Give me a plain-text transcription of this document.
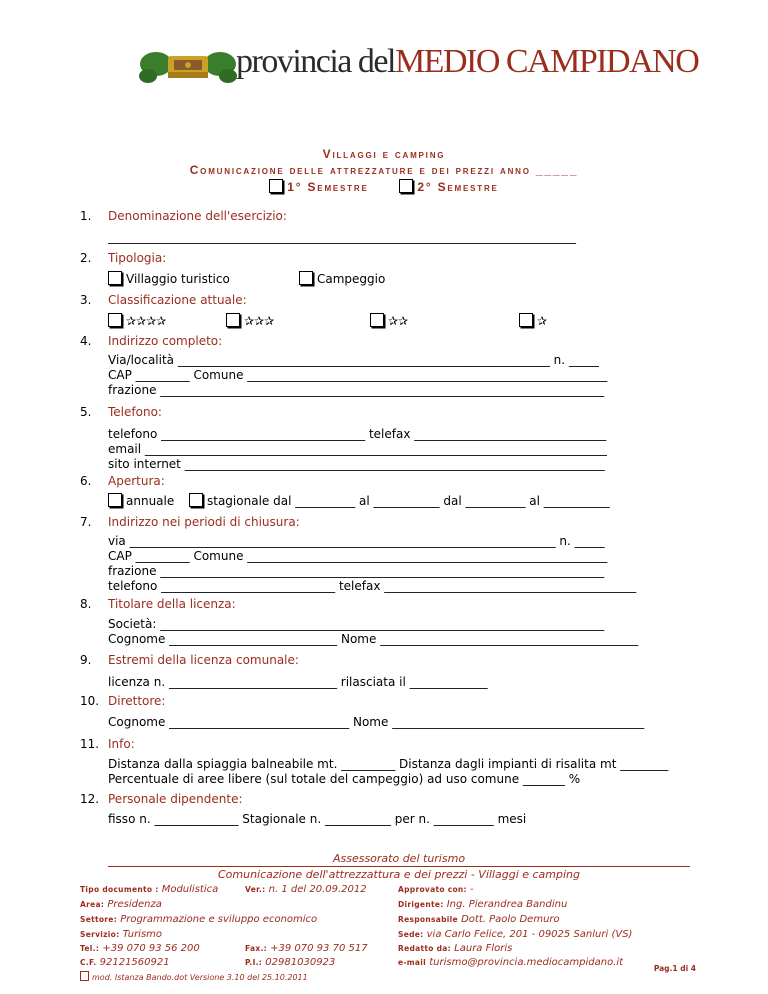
provincia delMEDIO CAMPIDANO
Villaggi e camping
Comunicazione delle attrezzature e dei prezzi anno _____
1° Semestre	2° Semestre
1. Denominazione dell'esercizio:
______________________________________________________________________________
2. Tipologia:
Villaggio turistico	Campeggio
3. Classificazione attuale:
✰✰✰✰	✰✰✰	✰✰	✰
4. Indirizzo completo:
Via/località ______________________________________________________________ n. _____
CAP _________ Comune ____________________________________________________________
frazione __________________________________________________________________________
5. Telefono:
telefono __________________________________ telefax ________________________________
email _____________________________________________________________________________
sito internet ______________________________________________________________________
6. Apertura:
annuale	stagionale dal __________ al ___________ dal __________ al ___________
7. Indirizzo nei periodi di chiusura:
via _______________________________________________________________________ n. _____
CAP _________ Comune ____________________________________________________________
frazione __________________________________________________________________________
telefono _____________________________ telefax __________________________________________
8. Titolare della licenza:
Società: __________________________________________________________________________
Cognome ____________________________ Nome ___________________________________________
9. Estremi della licenza comunale:
licenza n. ____________________________ rilasciata il _____________
10. Direttore:
Cognome ______________________________ Nome __________________________________________
11. Info:
Distanza dalla spiaggia balneabile mt. _________ Distanza dagli impianti di risalita mt ________
Percentuale di aree libere (sul totale del campeggio) ad uso comune _______ %
12. Personale dipendente:
fisso n. ______________ Stagionale n. ___________ per n. __________ mesi
Assessorato del turismo
Comunicazione dell'attrezzattura e dei prezzi - Villaggi e camping
Tipo documento : Modulistica	Ver.: n. 1 del 20.09.2012
Area: Presidenza
Settore: Programmazione e sviluppo economico
Servizio: Turismo
Tel.: +39 070 93 56 200	Fax.: +39 070 93 70 517
C.F. 92121560921	P.I.: 02981030923
Approvato con: -
Dirigente: Ing. Pierandrea Bandinu
Responsabile Dott. Paolo Demuro
Sede: via Carlo Felice, 201 - 09025 Sanluri (VS)
Redatto da: Laura Floris
e-mail turismo@provincia.mediocampidano.it
mod. Istanza Bando.dot Versione 3.10 del 25.10.2011
Pag.1 di 4
